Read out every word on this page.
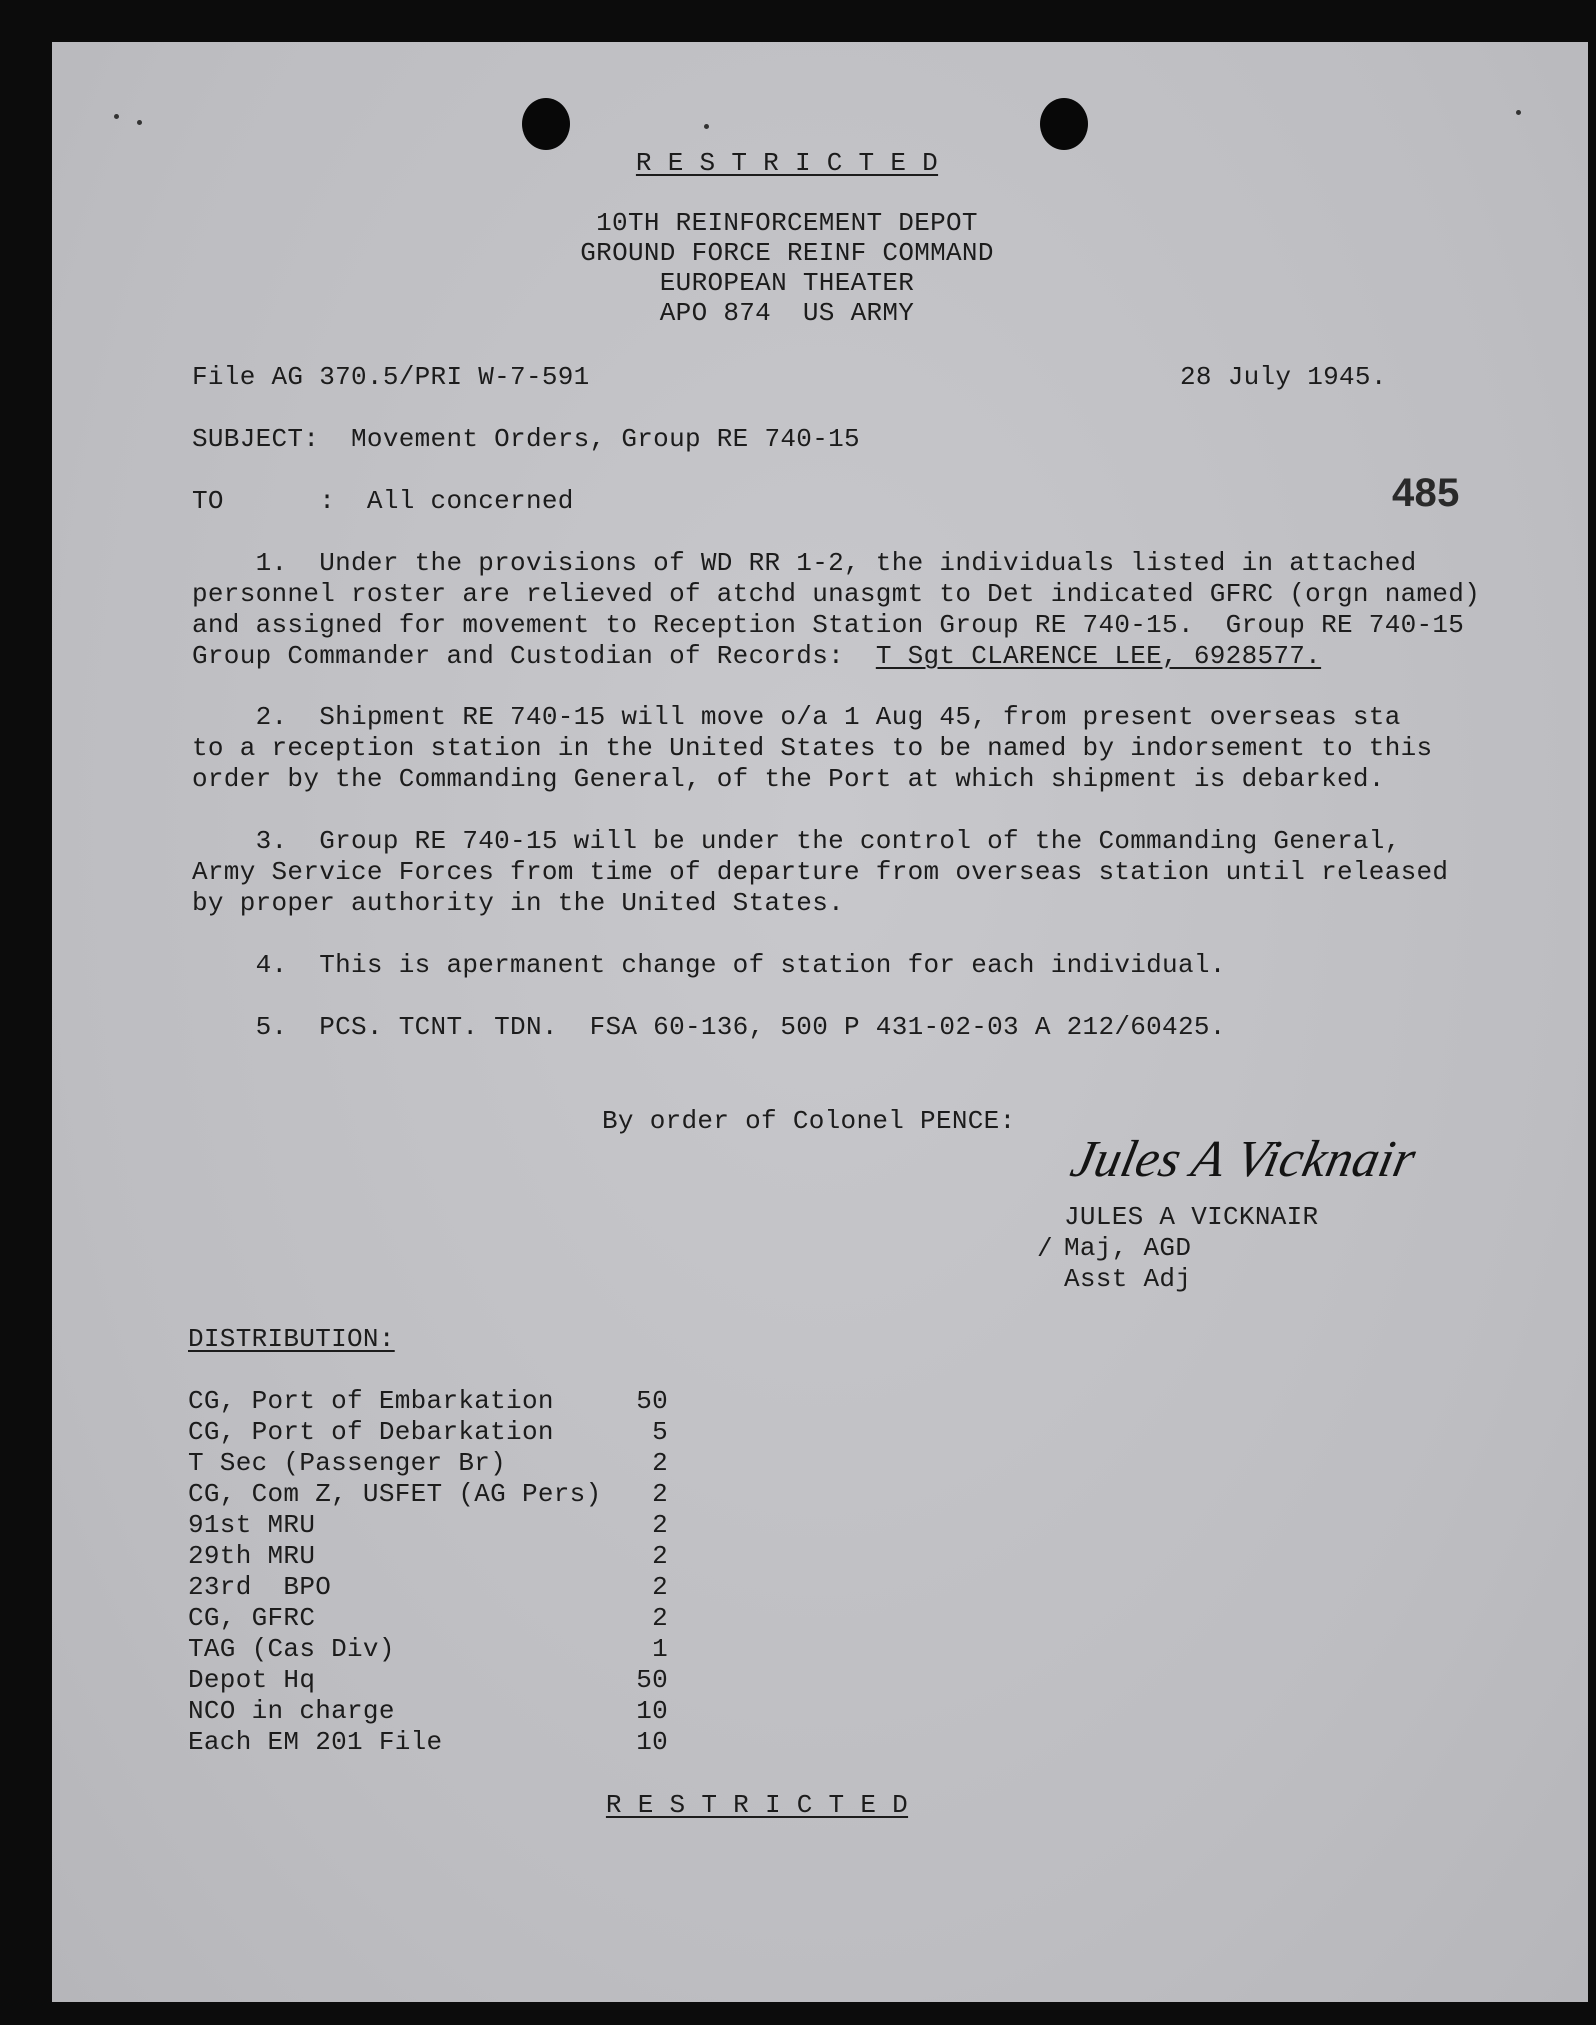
R E S T R I C T E D
10TH REINFORCEMENT DEPOT
GROUND FORCE REINF COMMAND
EUROPEAN THEATER
APO 874  US ARMY
File AG 370.5/PRI W-7-591	28 July 1945.
SUBJECT:  Movement Orders, Group RE 740-15
TO      :  All concerned	485
1.  Under the provisions of WD RR 1-2, the individuals listed in attached
personnel roster are relieved of atchd unasgmt to Det indicated GFRC (orgn named)
and assigned for movement to Reception Station Group RE 740-15.  Group RE 740-15
Group Commander and Custodian of Records:  T Sgt CLARENCE LEE, 6928577.
2.  Shipment RE 740-15 will move o/a 1 Aug 45, from present overseas sta
to a reception station in the United States to be named by indorsement to this
order by the Commanding General, of the Port at which shipment is debarked.
3.  Group RE 740-15 will be under the control of the Commanding General,
Army Service Forces from time of departure from overseas station until released
by proper authority in the United States.
4.  This is apermanent change of station for each individual.
5.  PCS. TCNT. TDN.  FSA 60-136, 500 P 431-02-03 A 212/60425.
By order of Colonel PENCE:
Jules A Vicknair
/
JULES A VICKNAIR
Maj, AGD
Asst Adj
DISTRIBUTION:
CG, Port of Embarkation	50
CG, Port of Debarkation	5
T Sec (Passenger Br)	2
CG, Com Z, USFET (AG Pers)	2
91st MRU	2
29th MRU	2
23rd  BPO	2
CG, GFRC	2
TAG (Cas Div)	1
Depot Hq	50
NCO in charge	10
Each EM 201 File	10
R E S T R I C T E D
